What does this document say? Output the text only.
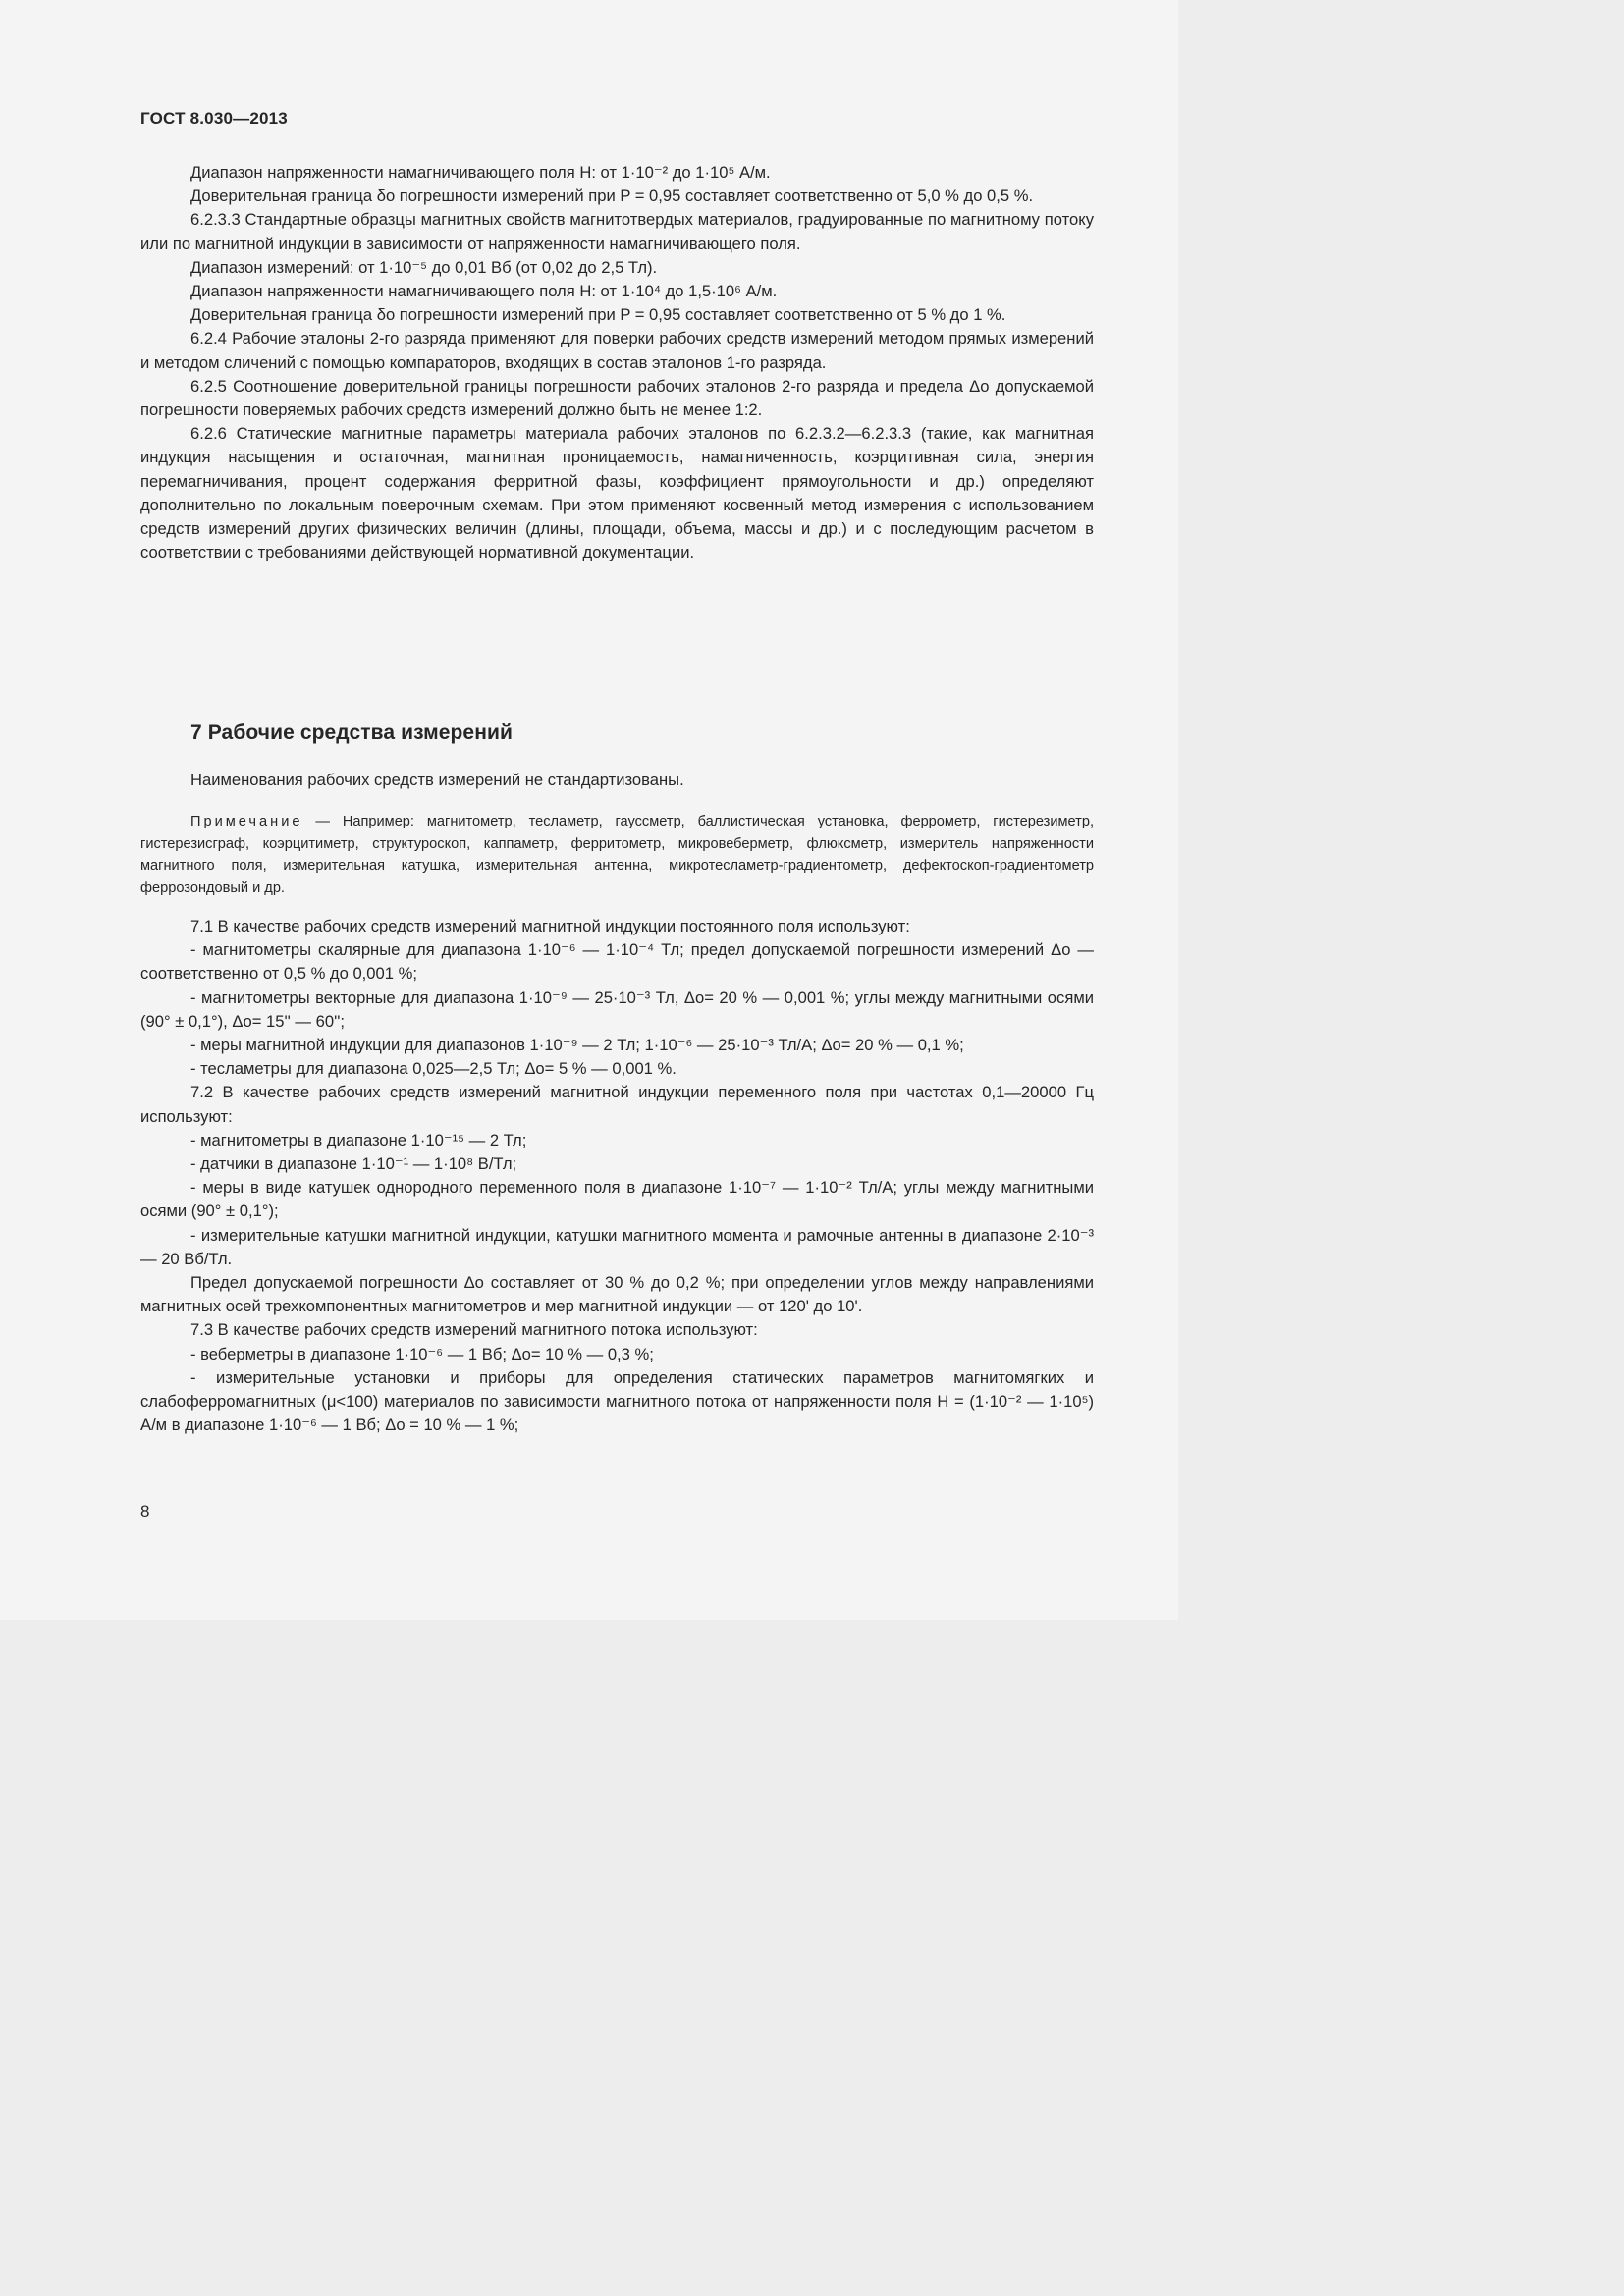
ГОСТ 8.030—2013

Диапазон напряженности намагничивающего поля H: от 1·10⁻² до 1·10⁵ А/м.

Доверительная граница δо погрешности измерений при P = 0,95 составляет соответственно от 5,0 % до 0,5 %.

6.2.3.3 Стандартные образцы магнитных свойств магнитотвердых материалов, градуированные по магнитному потоку или по магнитной индукции в зависимости от напряженности намагничивающего поля.

Диапазон измерений: от 1·10⁻⁵ до 0,01 Вб (от 0,02 до 2,5 Тл).

Диапазон напряженности намагничивающего поля H: от 1·10⁴ до 1,5·10⁶ А/м.

Доверительная граница δо погрешности измерений при P = 0,95 составляет соответственно от 5 % до 1 %.

6.2.4 Рабочие эталоны 2-го разряда применяют для поверки рабочих средств измерений методом прямых измерений и методом сличений с помощью компараторов, входящих в состав эталонов 1-го разряда.

6.2.5 Соотношение доверительной границы погрешности рабочих эталонов 2-го разряда и предела Δо допускаемой погрешности поверяемых рабочих средств измерений должно быть не менее 1:2.

6.2.6 Статические магнитные параметры материала рабочих эталонов по 6.2.3.2—6.2.3.3 (такие, как магнитная индукция насыщения и остаточная, магнитная проницаемость, намагниченность, коэрцитивная сила, энергия перемагничивания, процент содержания ферритной фазы, коэффициент прямоугольности и др.) определяют дополнительно по локальным поверочным схемам. При этом применяют косвенный метод измерения с использованием средств измерений других физических величин (длины, площади, объема, массы и др.) и с последующим расчетом в соответствии с требованиями действующей нормативной документации.

7 Рабочие средства измерений
Наименования рабочих средств измерений не стандартизованы.

Примечание — Например: магнитометр, тесламетр, гауссметр, баллистическая установка, феррометр, гистерезиметр, гистерезисграф, коэрцитиметр, структуроскоп, каппаметр, ферритометр, микровеберметр, флюксметр, измеритель напряженности магнитного поля, измерительная катушка, измерительная антенна, микротесламетр-градиентометр, дефектоскоп-градиентометр феррозондовый и др.

7.1 В качестве рабочих средств измерений магнитной индукции постоянного поля используют:

- магнитометры скалярные для диапазона 1·10⁻⁶ — 1·10⁻⁴ Тл; предел допускаемой погрешности измерений Δо — соответственно от 0,5 % до 0,001 %;

- магнитометры векторные для диапазона 1·10⁻⁹ — 25·10⁻³ Тл, Δо= 20 % — 0,001 %; углы между магнитными осями (90° ± 0,1°), Δо= 15'' — 60'';

- меры магнитной индукции для диапазонов 1·10⁻⁹ — 2 Тл; 1·10⁻⁶ — 25·10⁻³ Тл/А; Δо= 20 % — 0,1 %;

- тесламетры для диапазона 0,025—2,5 Тл; Δо= 5 % — 0,001 %.

7.2 В качестве рабочих средств измерений магнитной индукции переменного поля при частотах 0,1—20000 Гц используют:

- магнитометры в диапазоне 1·10⁻¹⁵ — 2 Тл;

- датчики в диапазоне 1·10⁻¹ — 1·10⁸ В/Тл;

- меры в виде катушек однородного переменного поля в диапазоне 1·10⁻⁷ — 1·10⁻² Тл/А; углы между магнитными осями (90° ± 0,1°);

- измерительные катушки магнитной индукции, катушки магнитного момента и рамочные антенны в диапазоне 2·10⁻³ — 20 Вб/Тл.

Предел допускаемой погрешности Δо составляет от 30 % до 0,2 %; при определении углов между направлениями магнитных осей трехкомпонентных магнитометров и мер магнитной индукции — от 120' до 10'.

7.3 В качестве рабочих средств измерений магнитного потока используют:

- веберметры в диапазоне 1·10⁻⁶ — 1 Вб; Δо= 10 % — 0,3 %;

- измерительные установки и приборы для определения статических параметров магнитомягких и слабоферромагнитных (μ<100) материалов по зависимости магнитного потока от напряженности поля H = (1·10⁻² — 1·10⁵) А/м в диапазоне 1·10⁻⁶ — 1 Вб; Δо = 10 % — 1 %;

8
